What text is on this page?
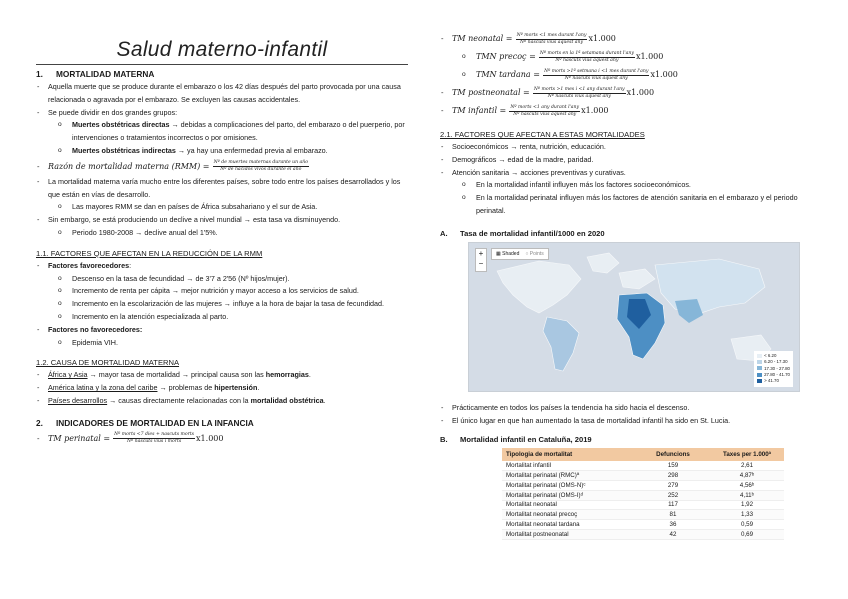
Salud materno-infantil
1.	MORTALIDAD MATERNA
- Aquella muerte que se produce durante el embarazo o los 42 días después del parto provocada por una causa relacionada o agravada por el embarazo. Se excluyen las causas accidentales.
- Se puede dividir en dos grandes grupos:
o Muertes obstétricas directas → debidas a complicaciones del parto, del embarazo o del puerperio, por intervenciones o tratamientos incorrectos o por omisiones.
o Muertes obstétricas indirectas → ya hay una enfermedad previa al embarazo.
- Razón de mortalidad materna (RMM) = Nº de muertes maternas durante un año
Nº de nacidos vivos durante el año
- La mortalidad materna varía mucho entre los diferentes países, sobre todo entre los países desarrollados y los que están en vías de desarrollo.
o Las mayores RMM se dan en países de África subsahariano y el sur de Asia.
- Sin embargo, se está produciendo un declive a nivel mundial → esta tasa va disminuyendo.
o Periodo 1980-2008 → declive anual del 1'5%.
1.1. FACTORES QUE AFECTAN EN LA REDUCCIÓN DE LA RMM
- Factores favorecedores:
o Descenso en la tasa de fecundidad → de 3'7 a 2'56 (Nº hijos/mujer).
o Incremento de renta per cápita → mejor nutrición y mayor acceso a los servicios de salud.
o Incremento en la escolarización de las mujeres → influye a la hora de bajar la tasa de fecundidad.
o Incremento en la atención especializada al parto.
- Factores no favorecedores:
o Epidemia VIH.
1.2. CAUSA DE MORTALIDAD MATERNA
- África y Asia → mayor tasa de mortalidad → principal causa son las hemorragias.
- América latina y la zona del caribe → problemas de hipertensión.
- Países desarrollos → causas directamente relacionadas con la mortalidad obstétrica.
2.	INDICADORES DE MORTALIDAD EN LA INFANCIA
- TM perinatal = Nº morts <7 dies + nascuts morts
Nº nascuts vius i morts x1.000
- TM neonatal = Nº morts <1 mes durant l'any
Nº nascuts vius aquest any x1.000
o TMN precoç = Nº morts en la 1ª setamana durant l'any
Nº nascuts vius aquest any x1.000
o TMN tardana = Nº morts >1ª setmana i <1 mes durant l'any
Nº nascuts vius aquest any	x1.000
- TM postneonatal = Nº morts >1 mes i <1 any durant l'any
Nº nascuts vius aquest any x1.000
- TM infantil = Nº morts <1 any durant l'any
Nº nascuts vius aquest any x1.000
2.1. FACTORES QUE AFECTAN A ESTAS MORTALIDADES
- Socioeconómicos → renta, nutrición, educación.
- Demográficos → edad de la madre, paridad.
- Atención sanitaria → acciones preventivas y curativas.
o En la mortalidad infantil influyen más los factores socioeconómicos.
o En la mortalidad perinatal influyen más los factores de atención sanitaria en el embarazo y el periodo perinatal.
A.	Tasa de mortalidad infantil/1000 en 2020
+
−
▦ Shaded ○ Points
< 6.20
6.20 - 17.30
17.30 - 27.80
27.80 - 41.70
> 41.70
- Prácticamente en todos los países la tendencia ha sido hacia el descenso.
- El único lugar en que han aumentado la tasa de mortalidad infantil ha sido en St. Lucia.
B.	Mortalidad infantil en Cataluña, 2019
Tipologia de mortalitat	Defuncions	Taxes per 1.000ª
Mortalitat infantil	159	2,61
Mortalitat perinatal (RMC)ª	298	4,87ᵇ
Mortalitat perinatal (OMS-N)ᶜ	279	4,56ᵇ
Mortalitat perinatal (OMS-I)ᵈ	252	4,11ᵇ
Mortalitat neonatal	117	1,92
Mortalitat neonatal precoç	81	1,33
Mortalitat neonatal tardana	36	0,59
Mortalitat postneonatal	42	0,69
